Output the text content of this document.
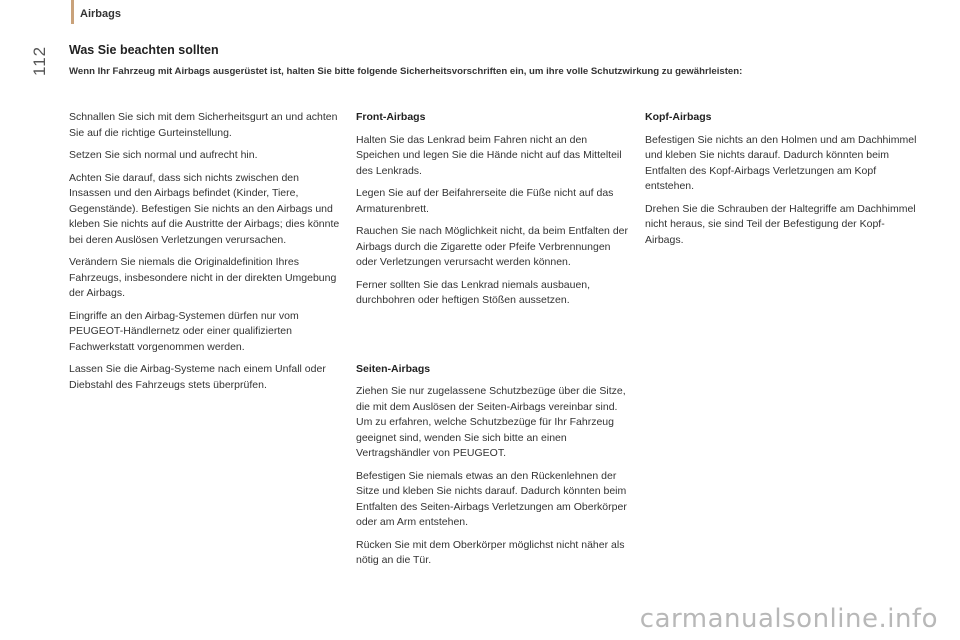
Airbags
112 Was Sie beachten sollten

Wenn Ihr Fahrzeug mit Airbags ausgerüstet ist, halten Sie bitte folgende Sicherheitsvorschriften ein, um ihre volle Schutzwirkung zu gewährleisten:

Schnallen Sie sich mit dem Sicherheitsgurt an und achten Sie auf die richtige Gurteinstellung.

Setzen Sie sich normal und aufrecht hin.

Achten Sie darauf, dass sich nichts zwischen den Insassen und den Airbags befindet (Kinder, Tiere, Gegenstände). Befestigen Sie nichts an den Airbags und kleben Sie nichts auf die Austritte der Airbags; dies könnte bei deren Auslösen Verletzungen verursachen.

Verändern Sie niemals die Originaldefinition Ihres Fahrzeugs, insbesondere nicht in der direkten Umgebung der Airbags.

Eingriffe an den Airbag-Systemen dürfen nur vom PEUGEOT-Händlernetz oder einer qualifizierten Fachwerkstatt vorgenommen werden.

Lassen Sie die Airbag-Systeme nach einem Unfall oder Diebstahl des Fahrzeugs stets überprüfen.

Front-Airbags

Halten Sie das Lenkrad beim Fahren nicht an den Speichen und legen Sie die Hände nicht auf das Mittelteil des Lenkrads.

Legen Sie auf der Beifahrerseite die Füße nicht auf das Armaturenbrett.

Rauchen Sie nach Möglichkeit nicht, da beim Entfalten der Airbags durch die Zigarette oder Pfeife Verbrennungen oder Verletzungen verursacht werden können.

Ferner sollten Sie das Lenkrad niemals ausbauen, durchbohren oder heftigen Stößen aussetzen.

Seiten-Airbags

Ziehen Sie nur zugelassene Schutzbezüge über die Sitze, die mit dem Auslösen der Seiten-Airbags vereinbar sind. Um zu erfahren, welche Schutzbezüge für Ihr Fahrzeug geeignet sind, wenden Sie sich bitte an einen Vertragshändler von PEUGEOT.

Befestigen Sie niemals etwas an den Rückenlehnen der Sitze und kleben Sie nichts darauf. Dadurch könnten beim Entfalten des Seiten-Airbags Verletzungen am Oberkörper oder am Arm entstehen.

Rücken Sie mit dem Oberkörper möglichst nicht näher als nötig an die Tür.

Kopf-Airbags

Befestigen Sie nichts an den Holmen und am Dachhimmel und kleben Sie nichts darauf. Dadurch könnten beim Entfalten des Kopf-Airbags Verletzungen am Kopf entstehen.

Drehen Sie die Schrauben der Haltegriffe am Dachhimmel nicht heraus, sie sind Teil der Befestigung der Kopf-Airbags.

carmanualsonline.info
